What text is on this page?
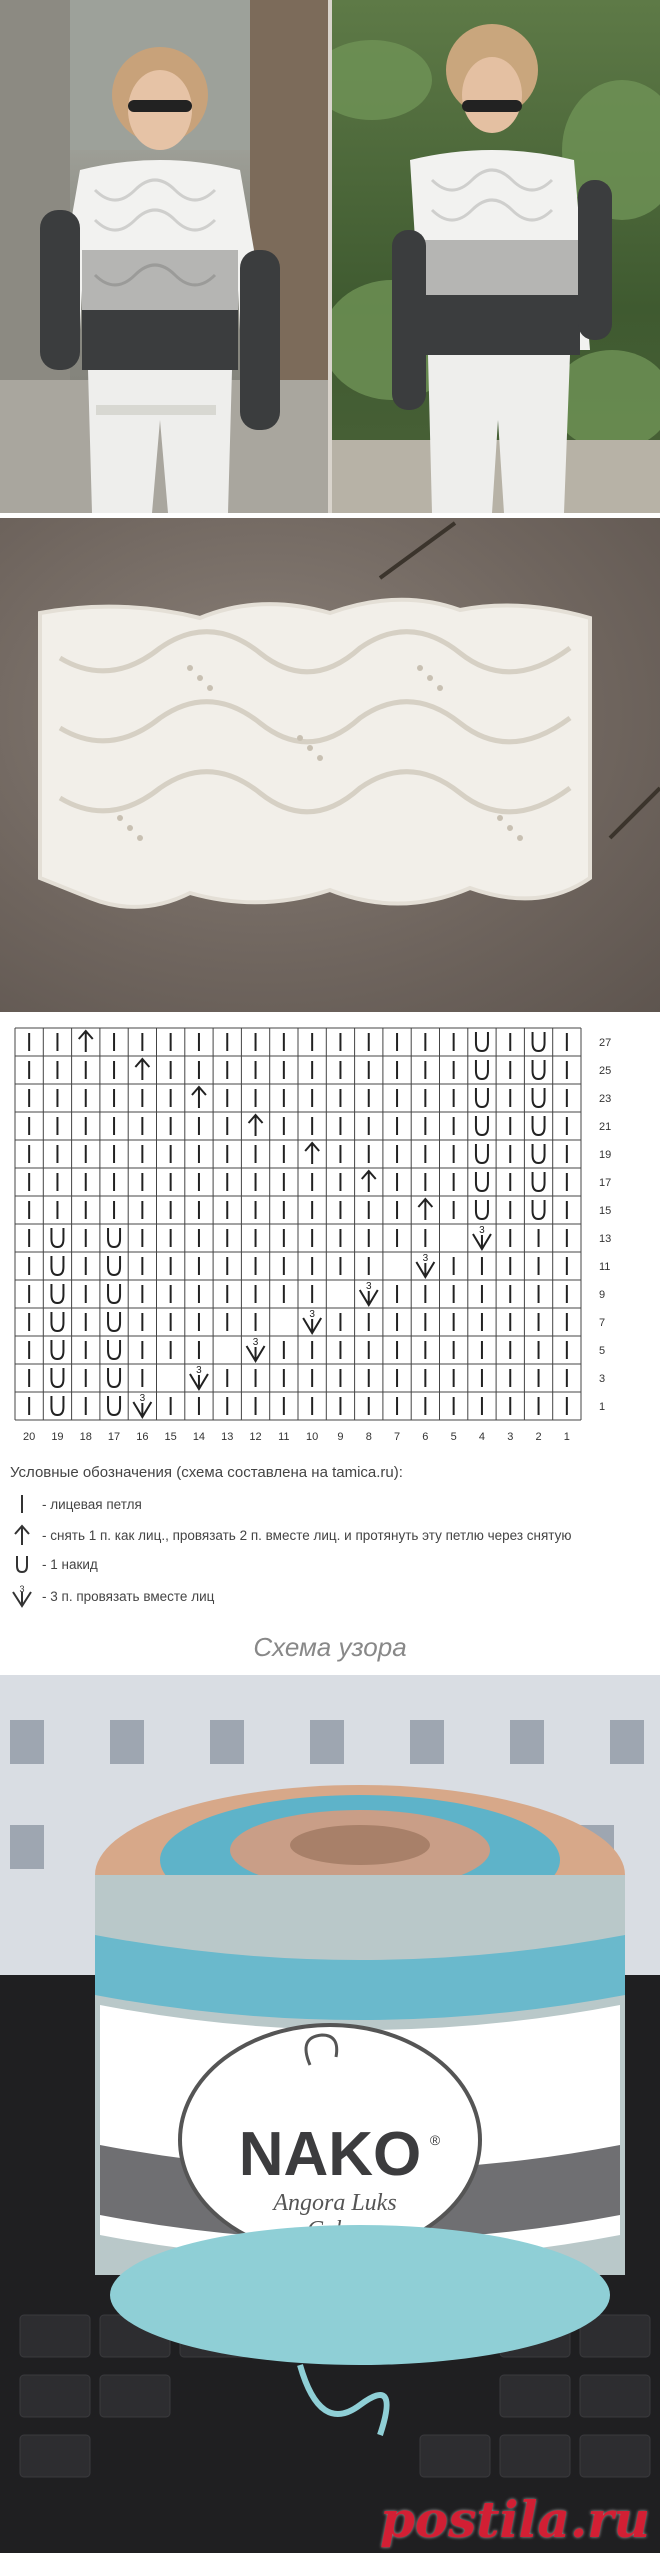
3
3
3
3
3
3
3
27
25
23
21
19
17
15
13
11
9
7
5
3
1
20 19 18 17 16 15 14 13 12 11 10 9 8 7 6 5 4 3 2 1
Условные обозначения (схема составлена на tamica.ru):
- лицевая петля
- снять 1 п. как лиц., провязать 2 п. вместе лиц. и протянуть эту петлю через снятую
- 1 накид
3 - 3 п. провязать вместе лиц
Схема узора
NAKO ®
Angora Luks
postila.ru
